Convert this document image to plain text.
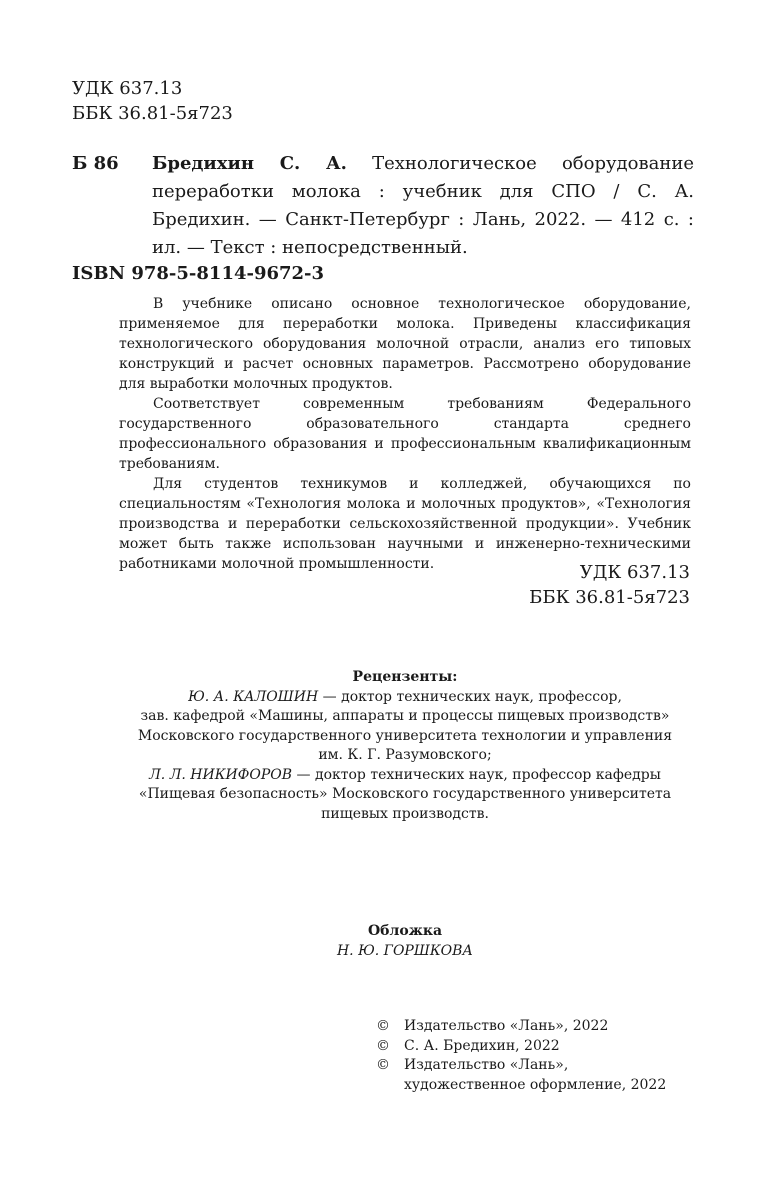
УДК 637.13
ББК 36.81-5я723
Б 86 Бредихин С. А. Технологическое оборудование переработки молока : учебник для СПО / С. А. Бредихин. — Санкт-Петербург : Лань, 2022. — 412 с. : ил. — Текст : непосредственный.
ISBN 978-5-8114-9672-3

В учебнике описано основное технологическое оборудование, применяемое для переработки молока. Приведены классификация технологического оборудования молочной отрасли, анализ его типовых конструкций и расчет основных параметров. Рассмотрено оборудование для выработки молочных продуктов.

Соответствует современным требованиям Федерального государственного образовательного стандарта среднего профессионального образования и профессиональным квалификационным требованиям.

Для студентов техникумов и колледжей, обучающихся по специальностям «Технология молока и молочных продуктов», «Технология производства и переработки сельскохозяйственной продукции». Учебник может быть также использован научными и инженерно-техническими работниками молочной промышленности.	УДК 637.13
ББК 36.81-5я723
Рецензенты:
Ю. А. КАЛОШИН — доктор технических наук, профессор,
зав. кафедрой «Машины, аппараты и процессы пищевых производств»
Московского государственного университета технологии и управления
им. К. Г. Разумовского;
Л. Л. НИКИФОРОВ — доктор технических наук, профессор кафедры
«Пищевая безопасность» Московского государственного университета
пищевых производств.
Обложка
Н. Ю. ГОРШКОВА
©	Издательство «Лань», 2022
©	С. А. Бредихин, 2022
©	Издательство «Лань»,
художественное оформление, 2022
